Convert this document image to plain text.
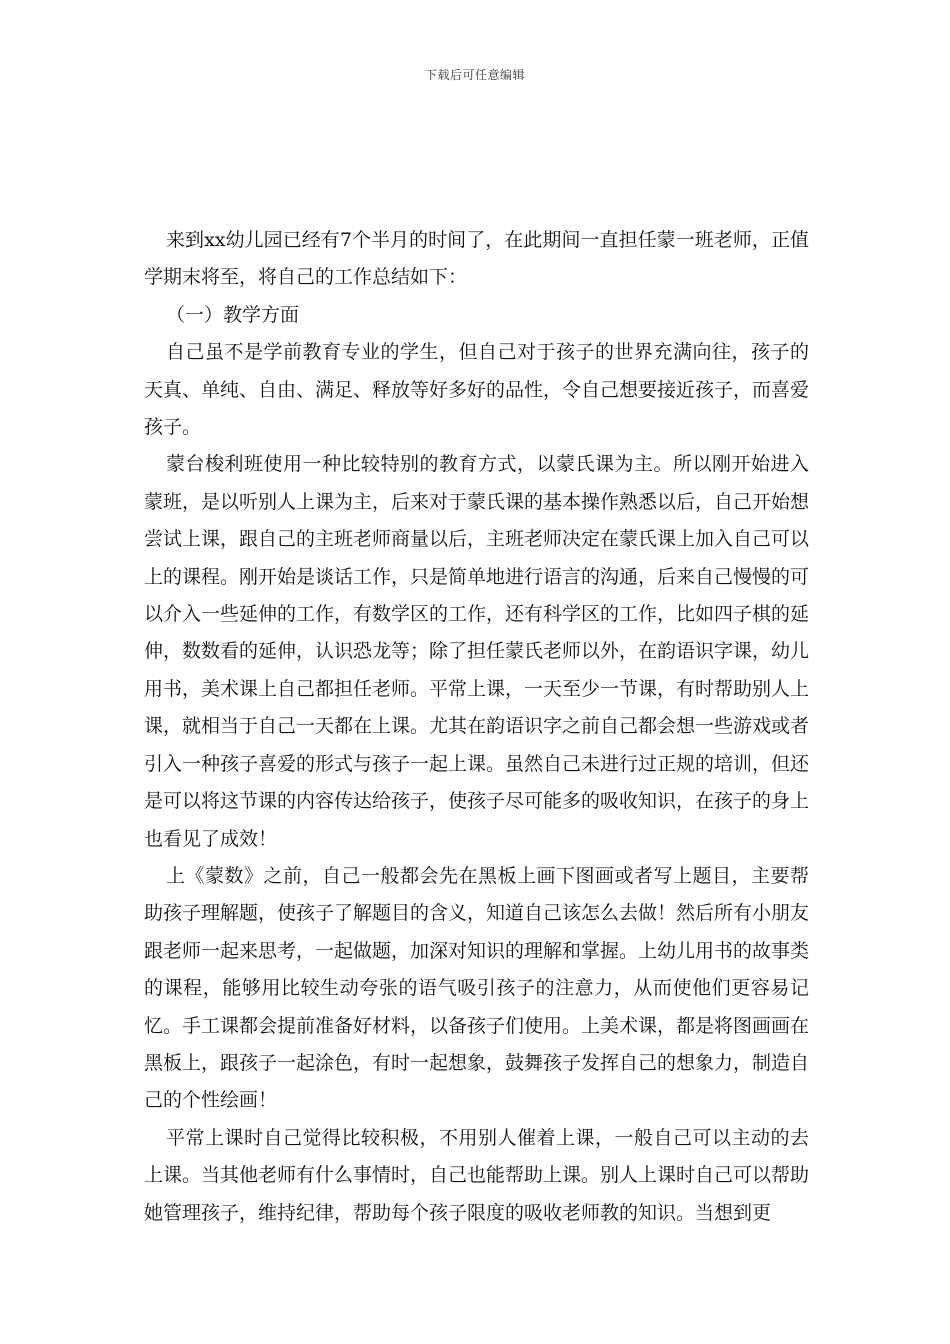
下载后可任意编辑

来到xx幼儿园已经有7个半月的时间了，在此期间一直担任蒙一班老师，正值学期末将至，将自己的工作总结如下：

（一）教学方面

自己虽不是学前教育专业的学生，但自己对于孩子的世界充满向往，孩子的天真、单纯、自由、满足、释放等好多好的品性，令自己想要接近孩子，而喜爱孩子。

蒙台梭利班使用一种比较特别的教育方式，以蒙氏课为主。所以刚开始进入蒙班，是以听别人上课为主，后来对于蒙氏课的基本操作熟悉以后，自己开始想尝试上课，跟自己的主班老师商量以后，主班老师决定在蒙氏课上加入自己可以上的课程。刚开始是谈话工作，只是简单地进行语言的沟通，后来自己慢慢的可以介入一些延伸的工作，有数学区的工作，还有科学区的工作，比如四子棋的延伸，数数看的延伸，认识恐龙等；除了担任蒙氏老师以外，在韵语识字课，幼儿用书，美术课上自己都担任老师。平常上课，一天至少一节课，有时帮助别人上课，就相当于自己一天都在上课。尤其在韵语识字之前自己都会想一些游戏或者引入一种孩子喜爱的形式与孩子一起上课。虽然自己未进行过正规的培训，但还是可以将这节课的内容传达给孩子，使孩子尽可能多的吸收知识，在孩子的身上也看见了成效！

上《蒙数》之前，自己一般都会先在黑板上画下图画或者写上题目，主要帮助孩子理解题，使孩子了解题目的含义，知道自己该怎么去做！然后所有小朋友跟老师一起来思考，一起做题，加深对知识的理解和掌握。上幼儿用书的故事类的课程，能够用比较生动夸张的语气吸引孩子的注意力，从而使他们更容易记忆。手工课都会提前准备好材料，以备孩子们使用。上美术课，都是将图画画在黑板上，跟孩子一起涂色，有时一起想象，鼓舞孩子发挥自己的想象力，制造自己的个性绘画！

平常上课时自己觉得比较积极，不用别人催着上课，一般自己可以主动的去上课。当其他老师有什么事情时，自己也能帮助上课。别人上课时自己可以帮助她管理孩子，维持纪律，帮助每个孩子限度的吸收老师教的知识。当想到更
